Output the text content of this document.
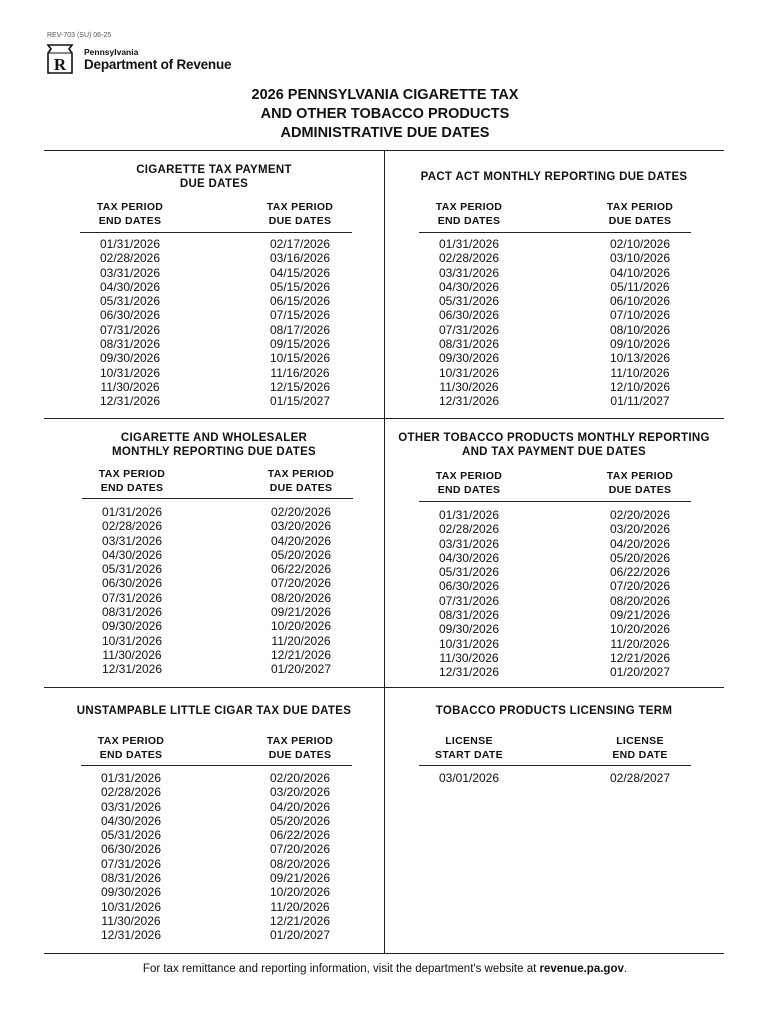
REV-703 (SU) 06-25
R
Pennsylvania
Department of Revenue
2026 PENNSYLVANIA CIGARETTE TAX
AND OTHER TOBACCO PRODUCTS
ADMINISTRATIVE DUE DATES
CIGARETTE TAX PAYMENT
DUE DATES
TAX PERIOD
END DATES
TAX PERIOD
DUE DATES
01/31/2026
02/28/2026
03/31/2026
04/30/2026
05/31/2026
06/30/2026
07/31/2026
08/31/2026
09/30/2026
10/31/2026
11/30/2026
12/31/2026
02/17/2026
03/16/2026
04/15/2026
05/15/2026
06/15/2026
07/15/2026
08/17/2026
09/15/2026
10/15/2026
11/16/2026
12/15/2026
01/15/2027
PACT ACT MONTHLY REPORTING DUE DATES
TAX PERIOD
END DATES
TAX PERIOD
DUE DATES
01/31/2026
02/28/2026
03/31/2026
04/30/2026
05/31/2026
06/30/2026
07/31/2026
08/31/2026
09/30/2026
10/31/2026
11/30/2026
12/31/2026
02/10/2026
03/10/2026
04/10/2026
05/11/2026
06/10/2026
07/10/2026
08/10/2026
09/10/2026
10/13/2026
11/10/2026
12/10/2026
01/11/2027
CIGARETTE AND WHOLESALER
MONTHLY REPORTING DUE DATES
TAX PERIOD
END DATES
TAX PERIOD
DUE DATES
01/31/2026
02/28/2026
03/31/2026
04/30/2026
05/31/2026
06/30/2026
07/31/2026
08/31/2026
09/30/2026
10/31/2026
11/30/2026
12/31/2026
02/20/2026
03/20/2026
04/20/2026
05/20/2026
06/22/2026
07/20/2026
08/20/2026
09/21/2026
10/20/2026
11/20/2026
12/21/2026
01/20/2027
OTHER TOBACCO PRODUCTS MONTHLY REPORTING
AND TAX PAYMENT DUE DATES
TAX PERIOD
END DATES
TAX PERIOD
DUE DATES
01/31/2026
02/28/2026
03/31/2026
04/30/2026
05/31/2026
06/30/2026
07/31/2026
08/31/2026
09/30/2026
10/31/2026
11/30/2026
12/31/2026
02/20/2026
03/20/2026
04/20/2026
05/20/2026
06/22/2026
07/20/2026
08/20/2026
09/21/2026
10/20/2026
11/20/2026
12/21/2026
01/20/2027
UNSTAMPABLE LITTLE CIGAR TAX DUE DATES
TAX PERIOD
END DATES
TAX PERIOD
DUE DATES
01/31/2026
02/28/2026
03/31/2026
04/30/2026
05/31/2026
06/30/2026
07/31/2026
08/31/2026
09/30/2026
10/31/2026
11/30/2026
12/31/2026
02/20/2026
03/20/2026
04/20/2026
05/20/2026
06/22/2026
07/20/2026
08/20/2026
09/21/2026
10/20/2026
11/20/2026
12/21/2026
01/20/2027
TOBACCO PRODUCTS LICENSING TERM
LICENSE
START DATE
LICENSE
END DATE
03/01/2026	02/28/2027
For tax remittance and reporting information, visit the department's website at revenue.pa.gov.
